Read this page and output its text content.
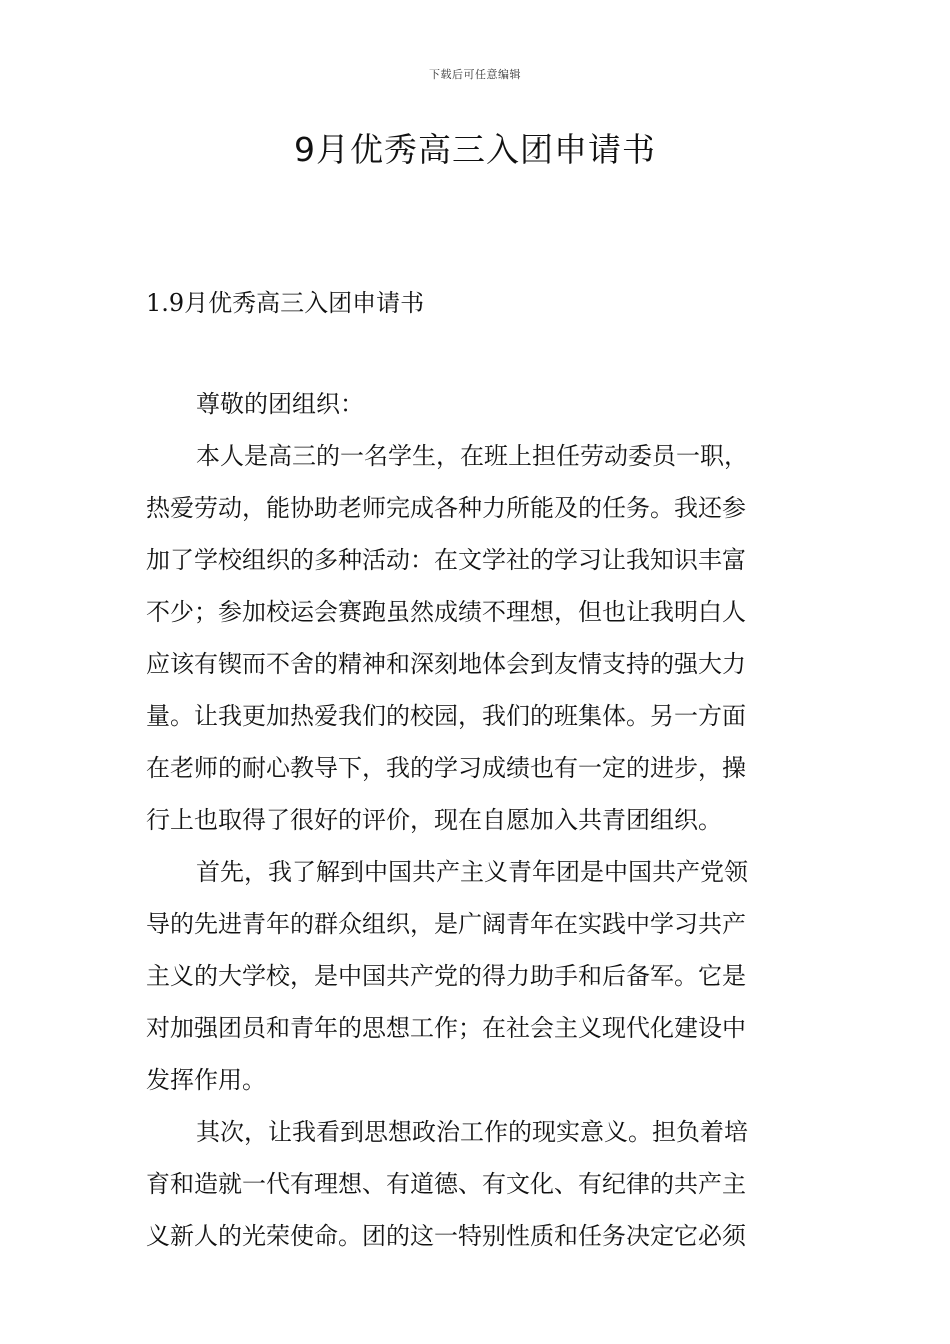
下载后可任意编辑
9月优秀高三入团申请书
1.9月优秀高三入团申请书

尊敬的团组织：

本人是高三的一名学生，在班上担任劳动委员一职，
热爱劳动，能协助老师完成各种力所能及的任务。我还参
加了学校组织的多种活动：在文学社的学习让我知识丰富
不少；参加校运会赛跑虽然成绩不理想，但也让我明白人
应该有锲而不舍的精神和深刻地体会到友情支持的强大力
量。让我更加热爱我们的校园，我们的班集体。另一方面
在老师的耐心教导下，我的学习成绩也有一定的进步，操
行上也取得了很好的评价，现在自愿加入共青团组织。
首先，我了解到中国共产主义青年团是中国共产党领
导的先进青年的群众组织，是广阔青年在实践中学习共产
主义的大学校，是中国共产党的得力助手和后备军。它是
对加强团员和青年的思想工作；在社会主义现代化建设中
发挥作用。
其次，让我看到思想政治工作的现实意义。担负着培
育和造就一代有理想、有道德、有文化、有纪律的共产主
义新人的光荣使命。团的这一特别性质和任务决定它必须
